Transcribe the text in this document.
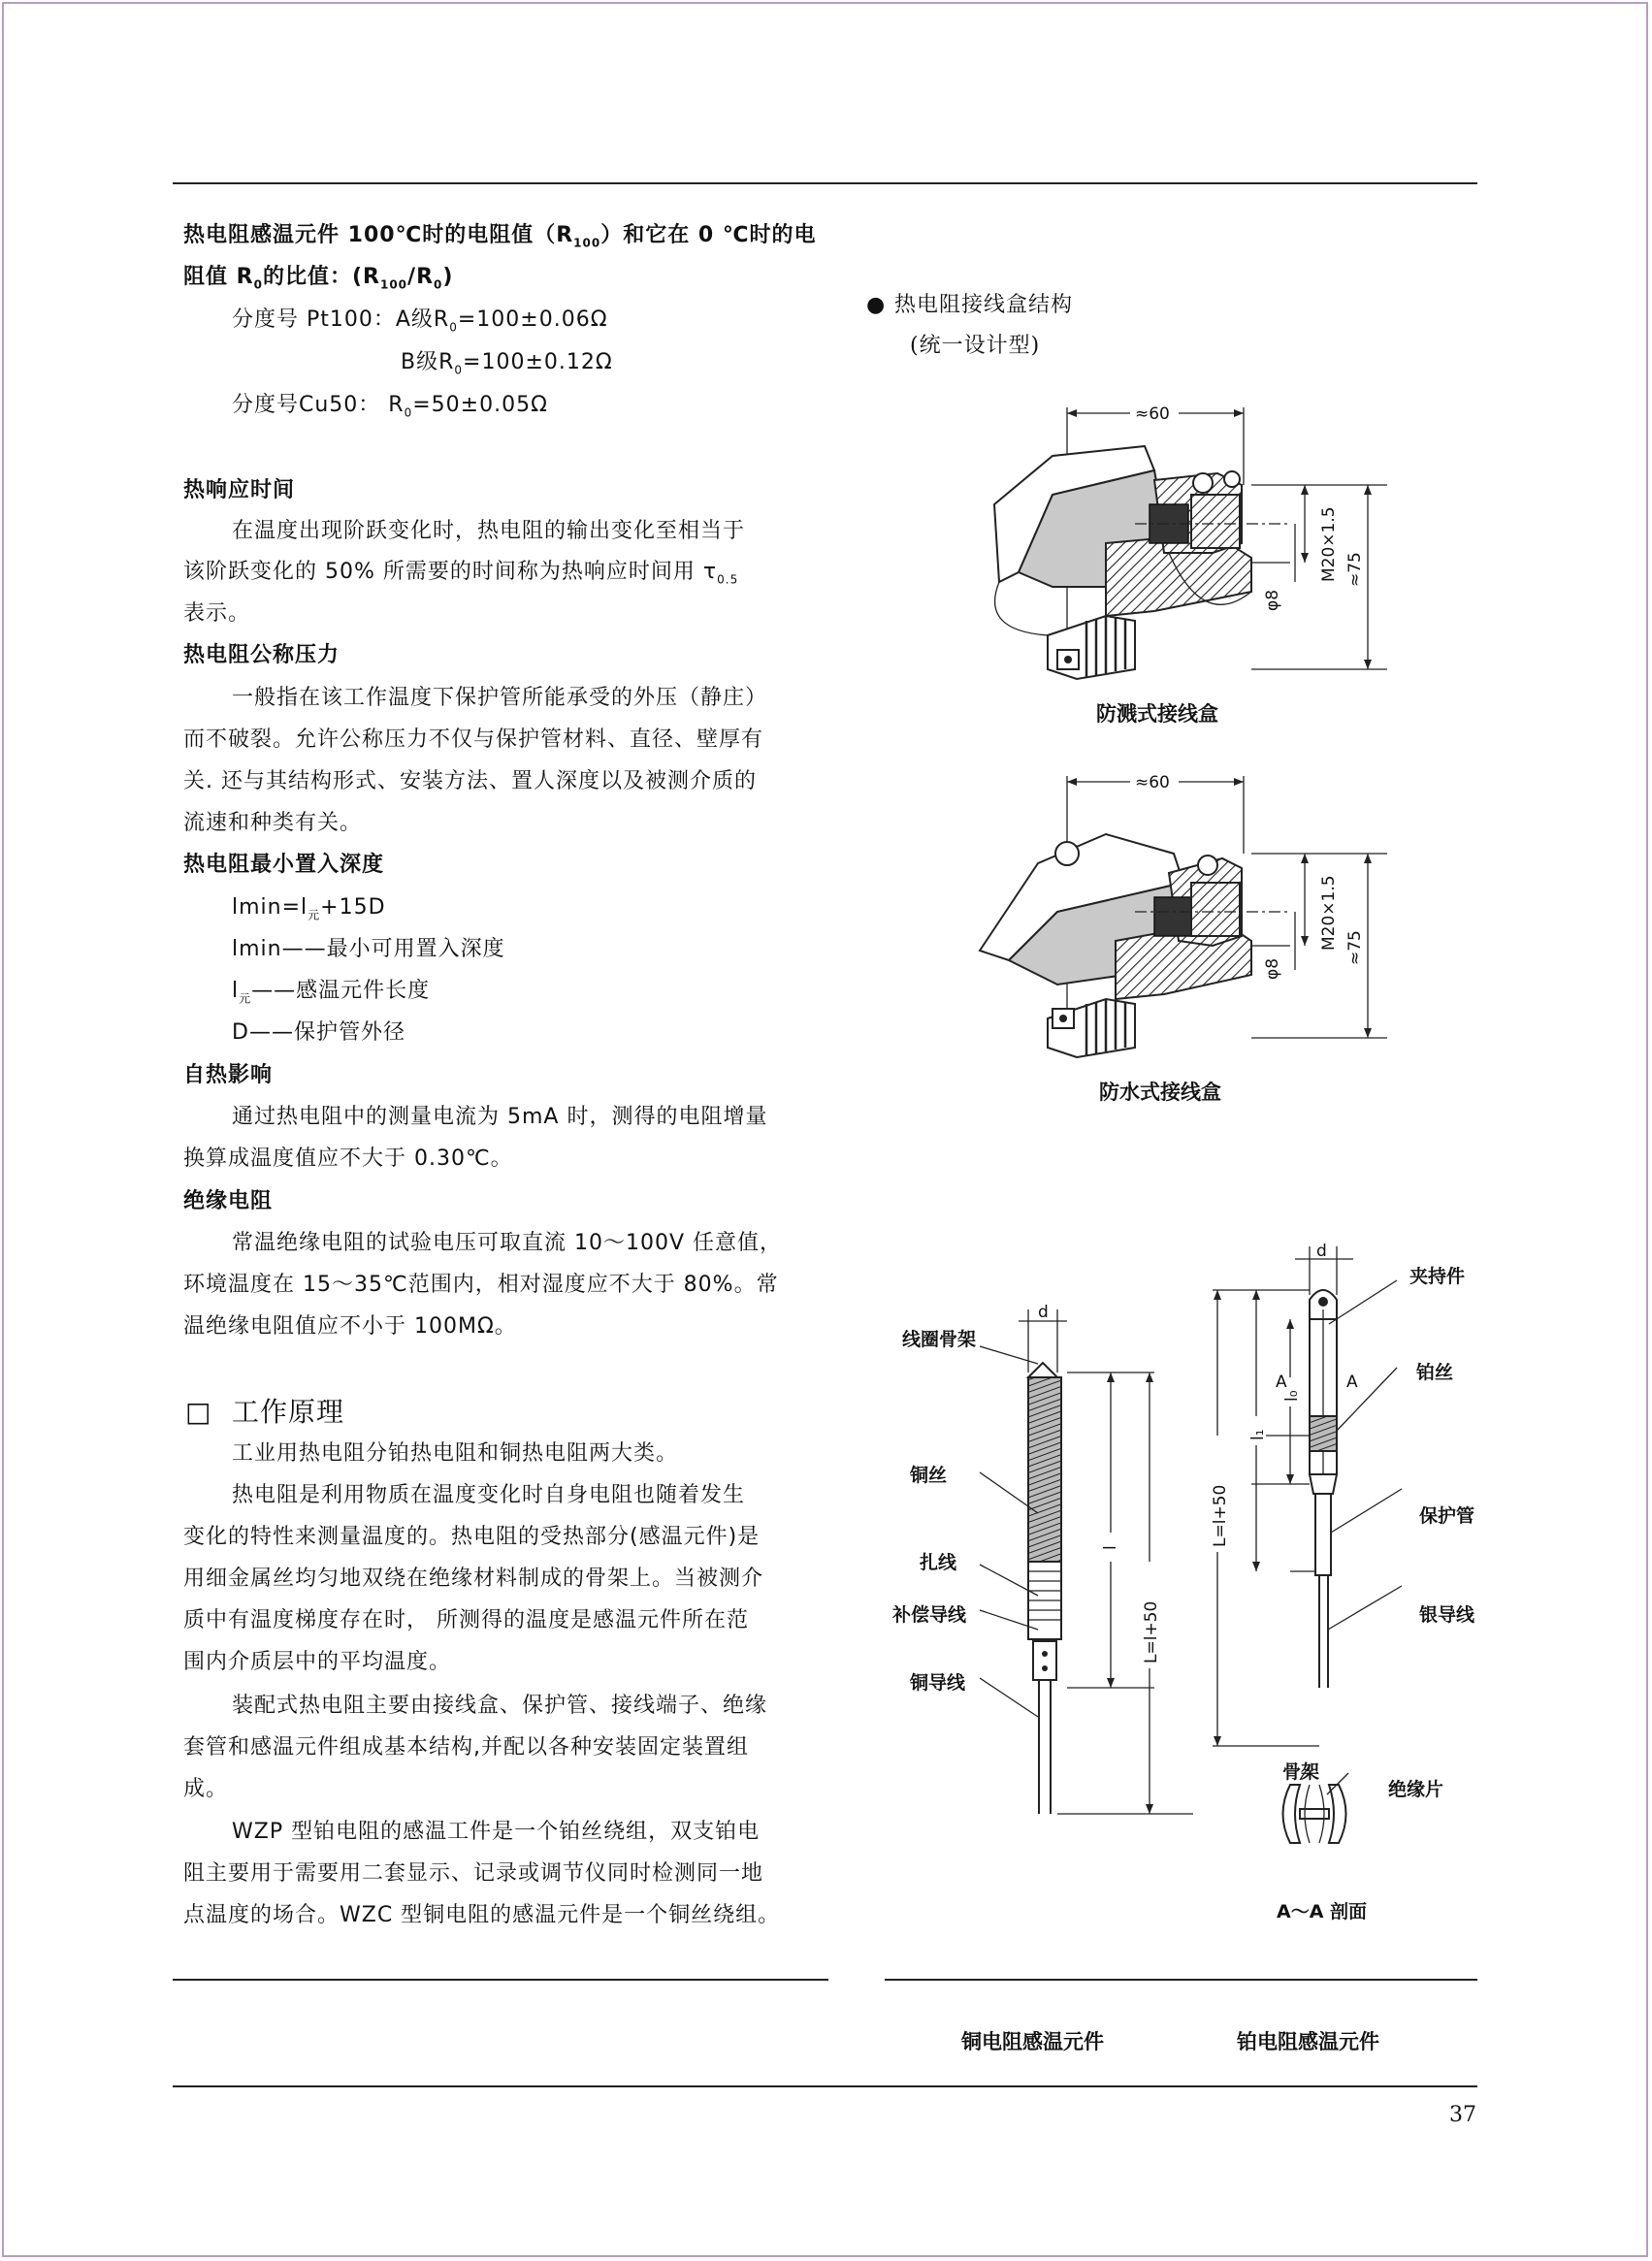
热电阻感温元件 100℃时的电阻值$(R_{100})$和它在 0 ℃时的电
阻值 $R_0$的比值：$(R_{100}/R_0)$
分度号 Pt100：A级$R_0=100\pm 0.06\Omega$
B级$R_0=100\pm 0.12\Omega$
分度号Cu50： $R_0=50\pm 0.05\Omega$
热响应时间
在温度出现阶跃变化时，热电阻的输出变化至相当于
该阶跃变化的 50% 所需要的时间称为热响应时间用 $\tau_{0.5}$
表示。
热电阻公称压力
一般指在该工作温度下保护管所能承受的外压（静庄）
而不破裂。允许公称压力不仅与保护管材料、直径、壁厚有
关. 还与其结构形式、安装方法、置人深度以及被测介质的
流速和种类有关。
热电阻最小置入深度
$lmin=l_元+15D$
lmin——最小可用置入深度
$l_元——$感温元件长度
D——保护管外径
自热影响
通过热电阻中的测量电流为 5mA 时，测得的电阻增量
换算成温度值应不大于 0.30℃。
绝缘电阻
常温绝缘电阻的试验电压可取直流 10～100V 任意值，
环境温度在 15～35℃范围内，相对湿度应不大于 80%。常
温绝缘电阻值应不小于 100MΩ。
□ 工作原理
工业用热电阻分铂热电阻和铜热电阻两大类。
热电阻是利用物质在温度变化时自身电阻也随着发生
变化的特性来测量温度的。热电阻的受热部分(感温元件)是
用细金属丝均匀地双绕在绝缘材料制成的骨架上。当被测介
质中有温度梯度存在时， 所测得的温度是感温元件所在范
围内介质层中的平均温度。
装配式热电阻主要由接线盒、保护管、接线端子、绝缘
套管和感温元件组成基本结构,并配以各种安装固定装置组
成。
WZP 型铂电阻的感温工件是一个铂丝绕组，双支铂电
阻主要用于需要用二套显示、记录或调节仪同时检测同一地
点温度的场合。WZC 型铜电阻的感温元件是一个铜丝绕组。
● 热电阻接线盒结构
(统一设计型)
≈60
φ8
M20×1.5 ≈75
防溅式接线盒
≈60
φ8
M20×1.5 ≈75
防水式接线盒
d
l
L=l+50
线圈骨架
铜丝
扎线
补偿导线
铜导线
d
L=l+50
l₁
l₀
A	A
夹持件
铂丝
保护管
银导线
骨架
绝缘片
A～A 剖面
铜电阻感温元件	铂电阻感温元件
37
